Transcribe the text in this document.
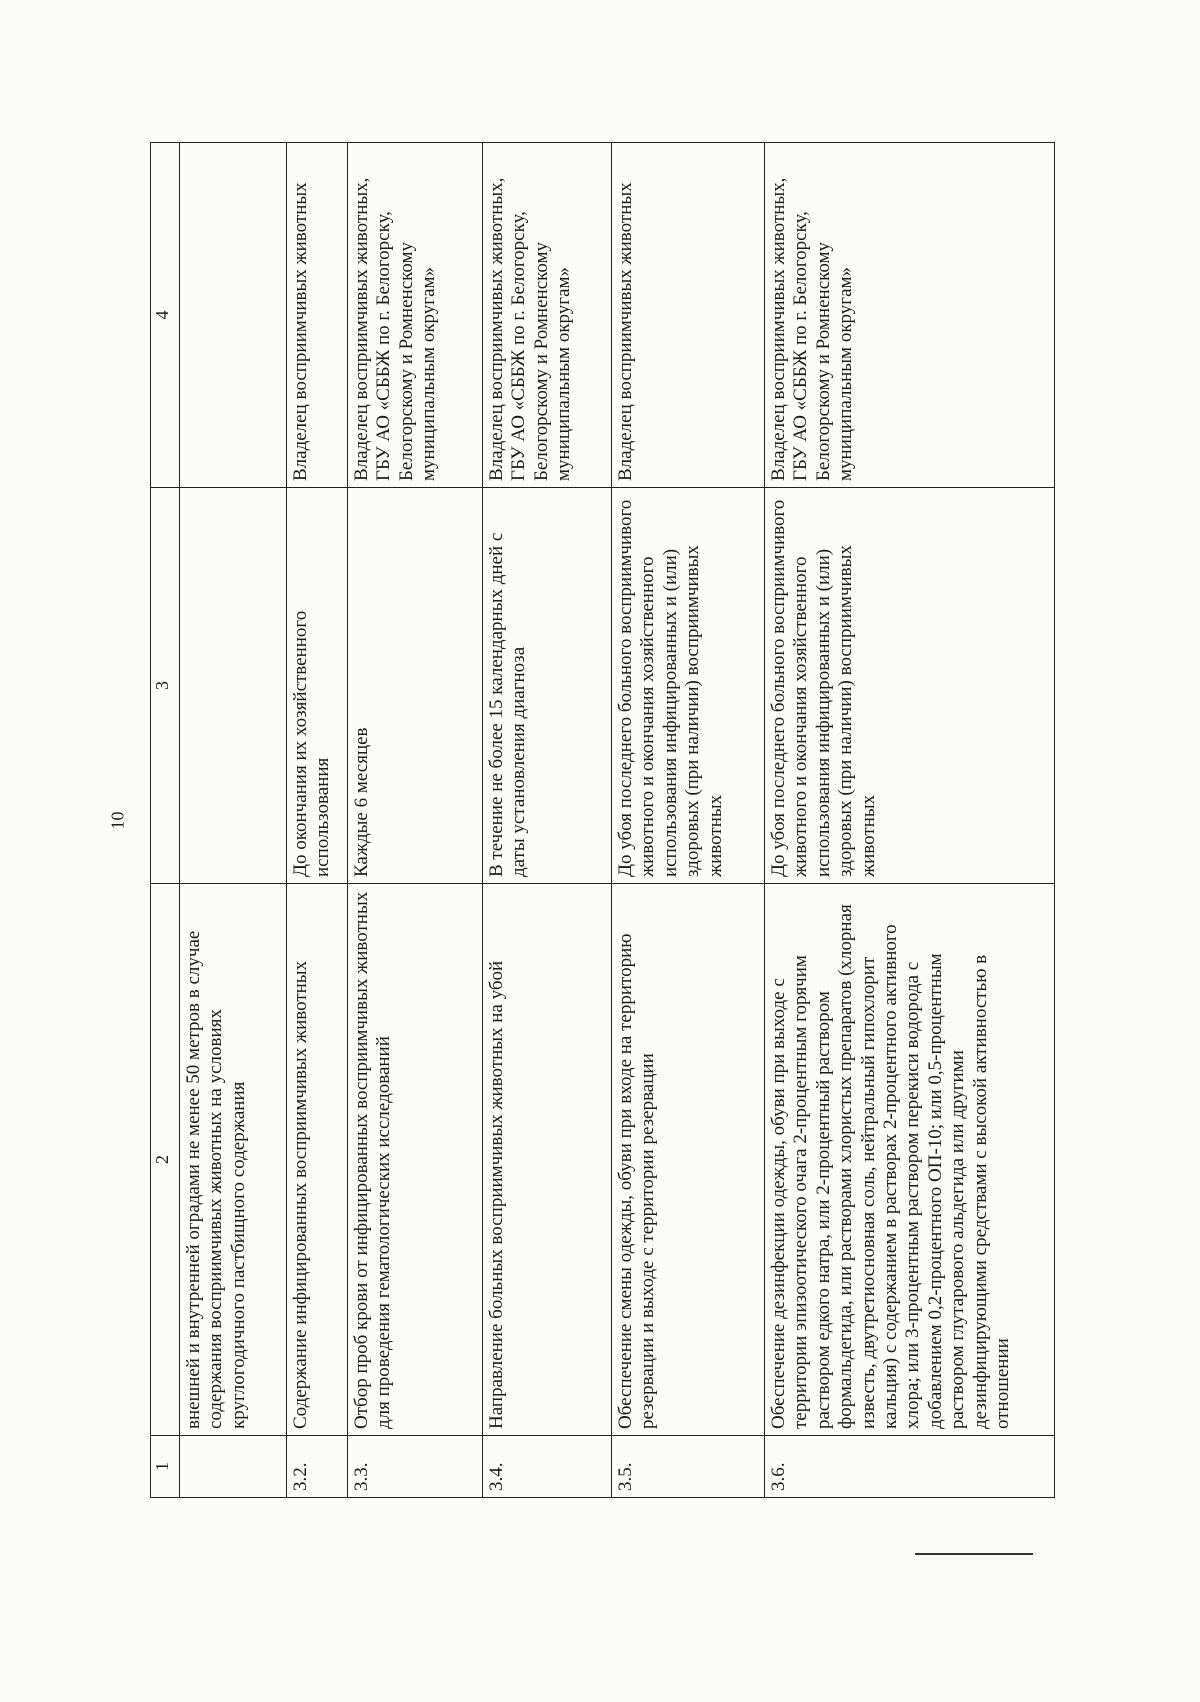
10
1	2	3	4
	внешней и внутренней оградами не менее 50 метров в случае содержания восприимчивых животных на условиях круглогодичного пастбищного содержания		
3.2.	Содержание инфицированных восприимчивых животных	До окончания их хозяйственного использования	Владелец восприимчивых животных
3.3.	Отбор проб крови от инфицированных восприимчивых животных для проведения гематологических исследований	Каждые 6 месяцев	Владелец восприимчивых животных, ГБУ АО «СББЖ по г. Белогорску, Белогорскому и Ромненскому муниципальным округам»
3.4.	Направление больных восприимчивых животных на убой	В течение не более 15 календарных дней с даты установления диагноза	Владелец восприимчивых животных, ГБУ АО «СББЖ по г. Белогорску, Белогорскому и Ромненскому муниципальным округам»
3.5.	Обеспечение смены одежды, обуви при входе на территорию резервации и выходе с территории резервации	До убоя последнего больного восприимчивого животного и окончания хозяйственного использования инфицированных и (или) здоровых (при наличии) восприимчивых животных	Владелец восприимчивых животных
3.6.	Обеспечение дезинфекции одежды, обуви при выходе с территории эпизоотического очага 2-процентным горячим раствором едкого натра, или 2-процентный раствором формальдегида, или растворами хлористых препаратов (хлорная известь, двутретиосновная соль, нейтральный гипохлорит кальция) с содержанием в растворах 2-процентного активного хлора; или 3-процентным раствором перекиси водорода с добавлением 0,2-процентного ОП-10; или 0,5-процентным раствором глутарового альдегида или другими дезинфицирующими средствами с высокой активностью в отношении	До убоя последнего больного восприимчивого животного и окончания хозяйственного использования инфицированных и (или) здоровых (при наличии) восприимчивых животных	Владелец восприимчивых животных, ГБУ АО «СББЖ по г. Белогорску, Белогорскому и Ромненскому муниципальным округам»
